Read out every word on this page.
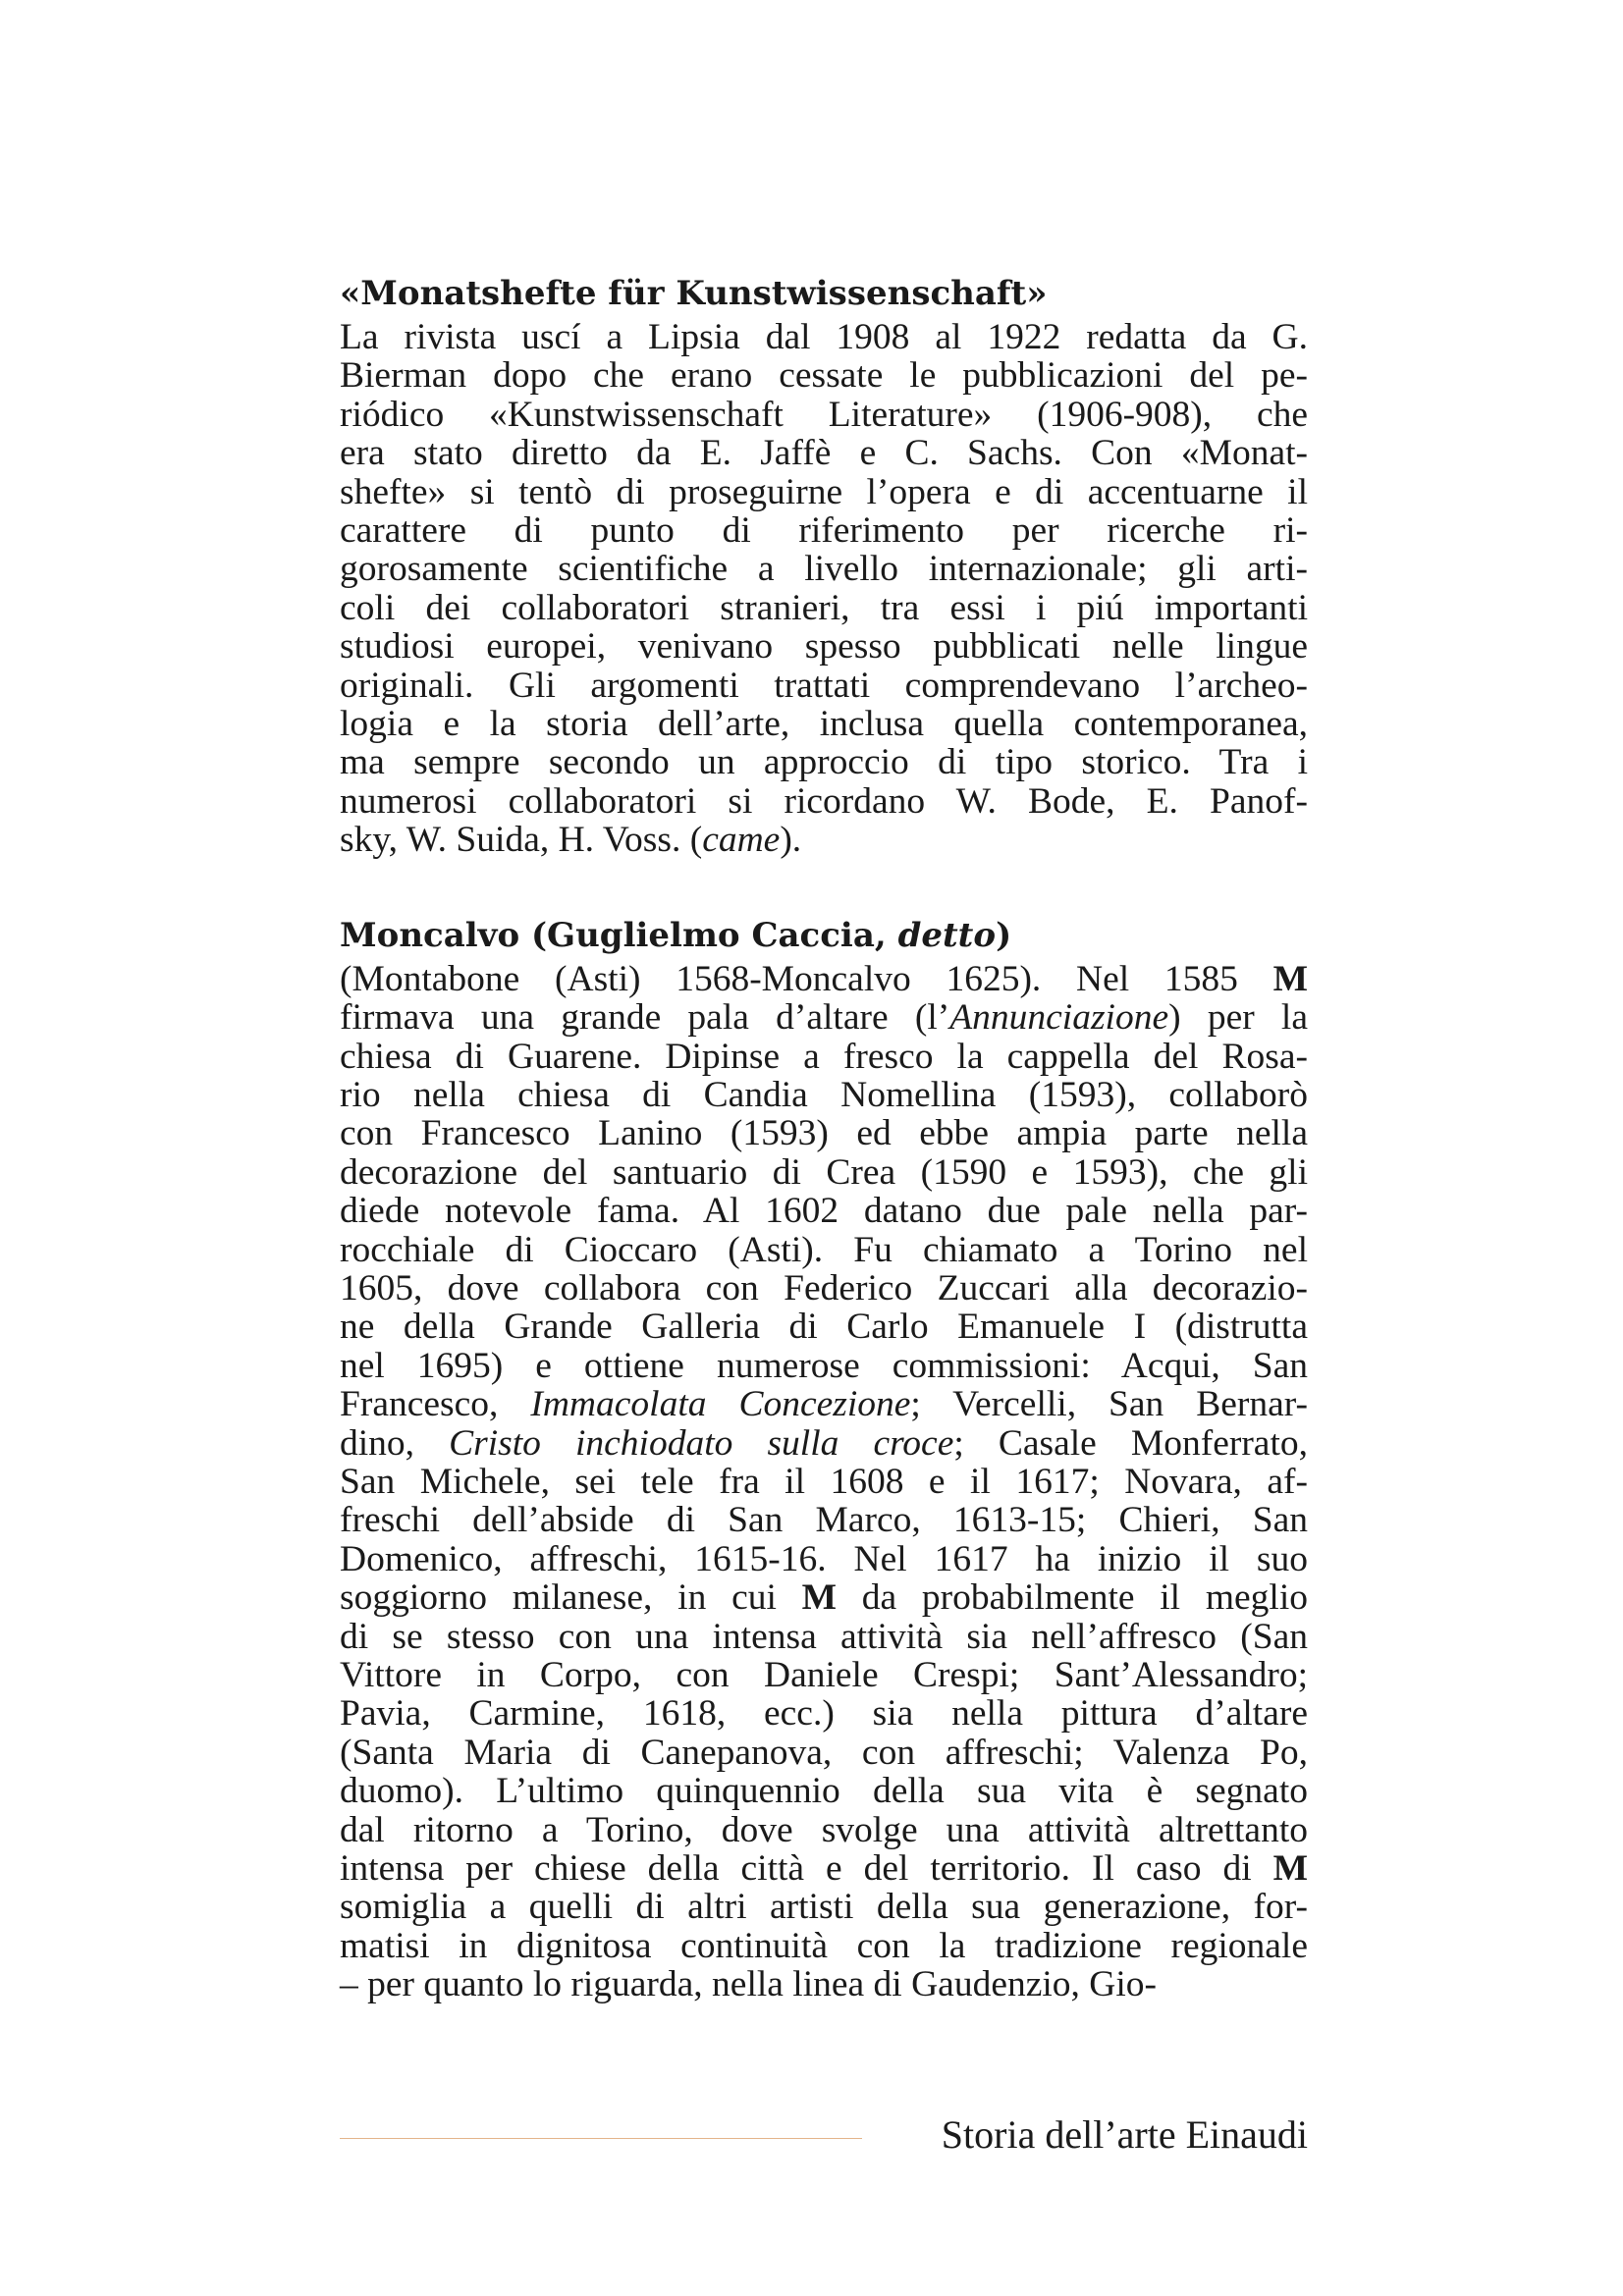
«Monatshefte für Kunstwissenschaft»
La rivista uscí a Lipsia dal 1908 al 1922 redatta da G.
Bierman dopo che erano cessate le pubblicazioni del pe-
riódico «Kunstwissenschaft Literature» (1906-908), che
era stato diretto da E. Jaffè e C. Sachs. Con «Monat-
shefte» si tentò di proseguirne l’opera e di accentuarne il
carattere di punto di riferimento per ricerche ri-
gorosamente scientifiche a livello internazionale; gli arti-
coli dei collaboratori stranieri, tra essi i piú importanti
studiosi europei, venivano spesso pubblicati nelle lingue
originali. Gli argomenti trattati comprendevano l’archeo-
logia e la storia dell’arte, inclusa quella contemporanea,
ma sempre secondo un approccio di tipo storico. Tra i
numerosi collaboratori si ricordano W. Bode, E. Panof-
sky, W. Suida, H. Voss. (came).
Moncalvo (Guglielmo Caccia, detto)
(Montabone (Asti) 1568-Moncalvo 1625). Nel 1585 M
firmava una grande pala d’altare (l’Annunciazione) per la
chiesa di Guarene. Dipinse a fresco la cappella del Rosa-
rio nella chiesa di Candia Nomellina (1593), collaborò
con Francesco Lanino (1593) ed ebbe ampia parte nella
decorazione del santuario di Crea (1590 e 1593), che gli
diede notevole fama. Al 1602 datano due pale nella par-
rocchiale di Cioccaro (Asti). Fu chiamato a Torino nel
1605, dove collabora con Federico Zuccari alla decorazio-
ne della Grande Galleria di Carlo Emanuele I (distrutta
nel 1695) e ottiene numerose commissioni: Acqui, San
Francesco, Immacolata Concezione; Vercelli, San Bernar-
dino, Cristo inchiodato sulla croce; Casale Monferrato,
San Michele, sei tele fra il 1608 e il 1617; Novara, af-
freschi dell’abside di San Marco, 1613-15; Chieri, San
Domenico, affreschi, 1615-16. Nel 1617 ha inizio il suo
soggiorno milanese, in cui M da probabilmente il meglio
di se stesso con una intensa attività sia nell’affresco (San
Vittore in Corpo, con Daniele Crespi; Sant’Alessandro;
Pavia, Carmine, 1618, ecc.) sia nella pittura d’altare
(Santa Maria di Canepanova, con affreschi; Valenza Po,
duomo). L’ultimo quinquennio della sua vita è segnato
dal ritorno a Torino, dove svolge una attività altrettanto
intensa per chiese della città e del territorio. Il caso di M
somiglia a quelli di altri artisti della sua generazione, for-
matisi in dignitosa continuità con la tradizione regionale
– per quanto lo riguarda, nella linea di Gaudenzio, Gio-
Storia dell’arte Einaudi
